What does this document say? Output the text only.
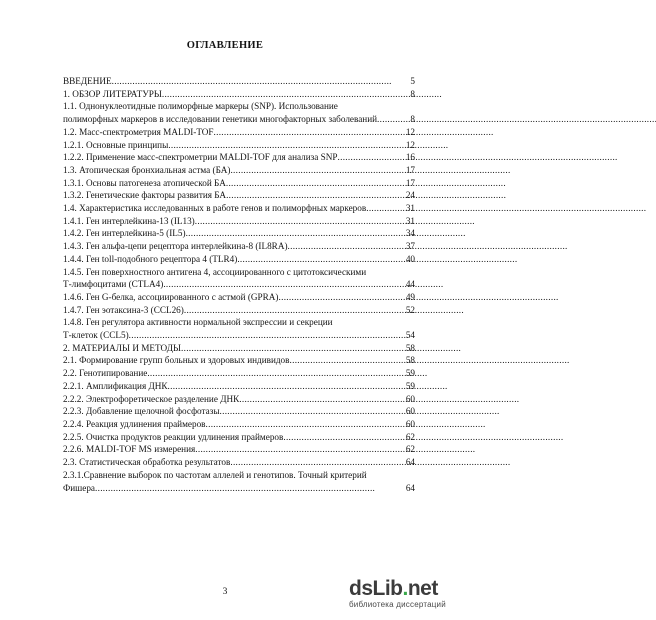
ОГЛАВЛЕНИЕ
ВВЕДЕНИЕ . . .	5
1. ОБЗОР ЛИТЕРАТУРЫ . . .	8
1.1. Однонуклеотидные полиморфные маркеры (SNP). Использование
полиморфных маркеров в исследовании генетики многофакторных заболеваний . . .	8
1.2. Масс-спектрометрия MALDI-TOF . . .	12
1.2.1. Основные принципы . . .	12
1.2.2. Применение масс-спектрометрии MALDI-TOF для анализа SNP . . .	16
1.3. Атопическая бронхиальная астма (БА) . . .	17
1.3.1. Основы патогенеза атопической БА . . .	17
1.3.2. Генетические факторы развития БА . . .	24
1.4. Характеристика исследованных в работе генов и полиморфных маркеров . . .	31
1.4.1. Ген интерлейкина-13 (IL13) . . .	31
1.4.2. Ген интерлейкина-5 (IL5) . . .	34
1.4.3. Ген альфа-цепи рецептора интерлейкина-8 (IL8RA) . . .	37
1.4.4. Ген toll-подобного рецептора 4 (TLR4) . . .	40
1.4.5. Ген поверхностного антигена 4, ассоциированного с цитотоксическими
Т-лимфоцитами (CTLA4) . . .	44
1.4.6. Ген G-белка, ассоциированного с астмой (GPRA) . . .	49
1.4.7. Ген эотаксина-3 (CCL26) . . .	52
1.4.8. Ген регулятора активности нормальной экспрессии и секреции
Т-клеток (CCL5) . . .	54
2. МАТЕРИАЛЫ И МЕТОДЫ . . .	58
2.1. Формирование групп больных и здоровых индивидов . . .	58
2.2. Генотипирование . . .	59
2.2.1. Амплификация ДНК . . .	59
2.2.2. Электрофоретическое разделение ДНК . . .	60
2.2.3. Добавление щелочной фосфотазы . . .	60
2.2.4. Реакция удлинения праймеров . . .	60
2.2.5. Очистка продуктов реакции удлинения праймеров . . .	62
2.2.6. MALDI-TOF MS измерения . . .	62
2.3. Статистическая обработка результатов . . .	64
2.3.1.Сравнение выборок по частотам аллелей и генотипов. Точный критерий
Фишера . . .	64
3	dsLib.net
библиотека диссертаций
